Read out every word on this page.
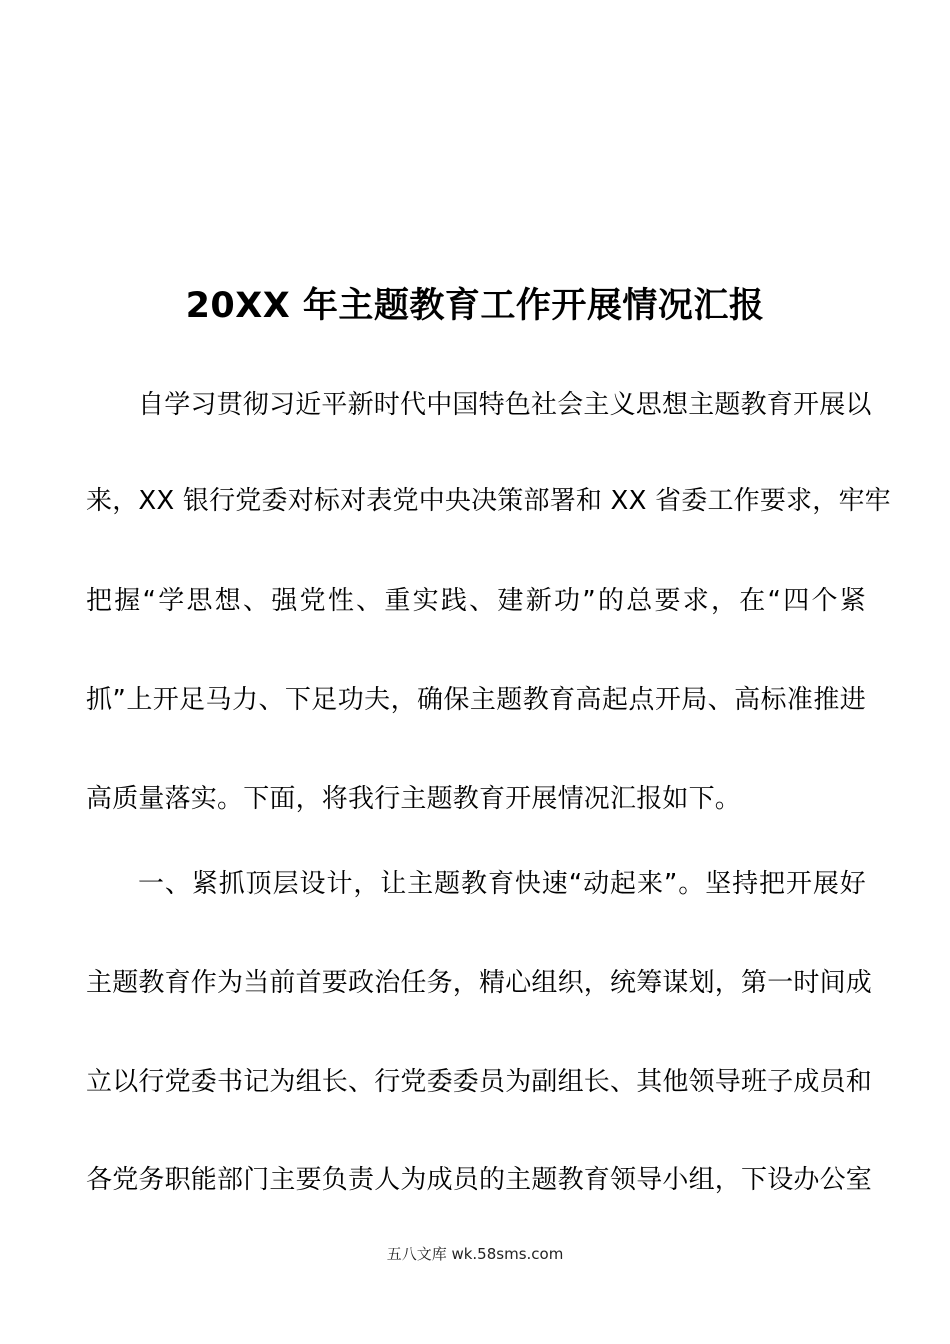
20XX 年主题教育工作开展情况汇报
自学习贯彻习近平新时代中国特色社会主义思想主题教育开展以
来，XX 银行党委对标对表党中央决策部署和 XX 省委工作要求，牢牢
把握“学思想、强党性、重实践、建新功”的总要求，在“四个紧
抓”上开足马力、下足功夫，确保主题教育高起点开局、高标准推进
高质量落实。下面，将我行主题教育开展情况汇报如下。
一、紧抓顶层设计，让主题教育快速“动起来”。坚持把开展好
主题教育作为当前首要政治任务，精心组织，统筹谋划，第一时间成
立以行党委书记为组长、行党委委员为副组长、其他领导班子成员和
各党务职能部门主要负责人为成员的主题教育领导小组，下设办公室
五八文库 wk.58sms.com
